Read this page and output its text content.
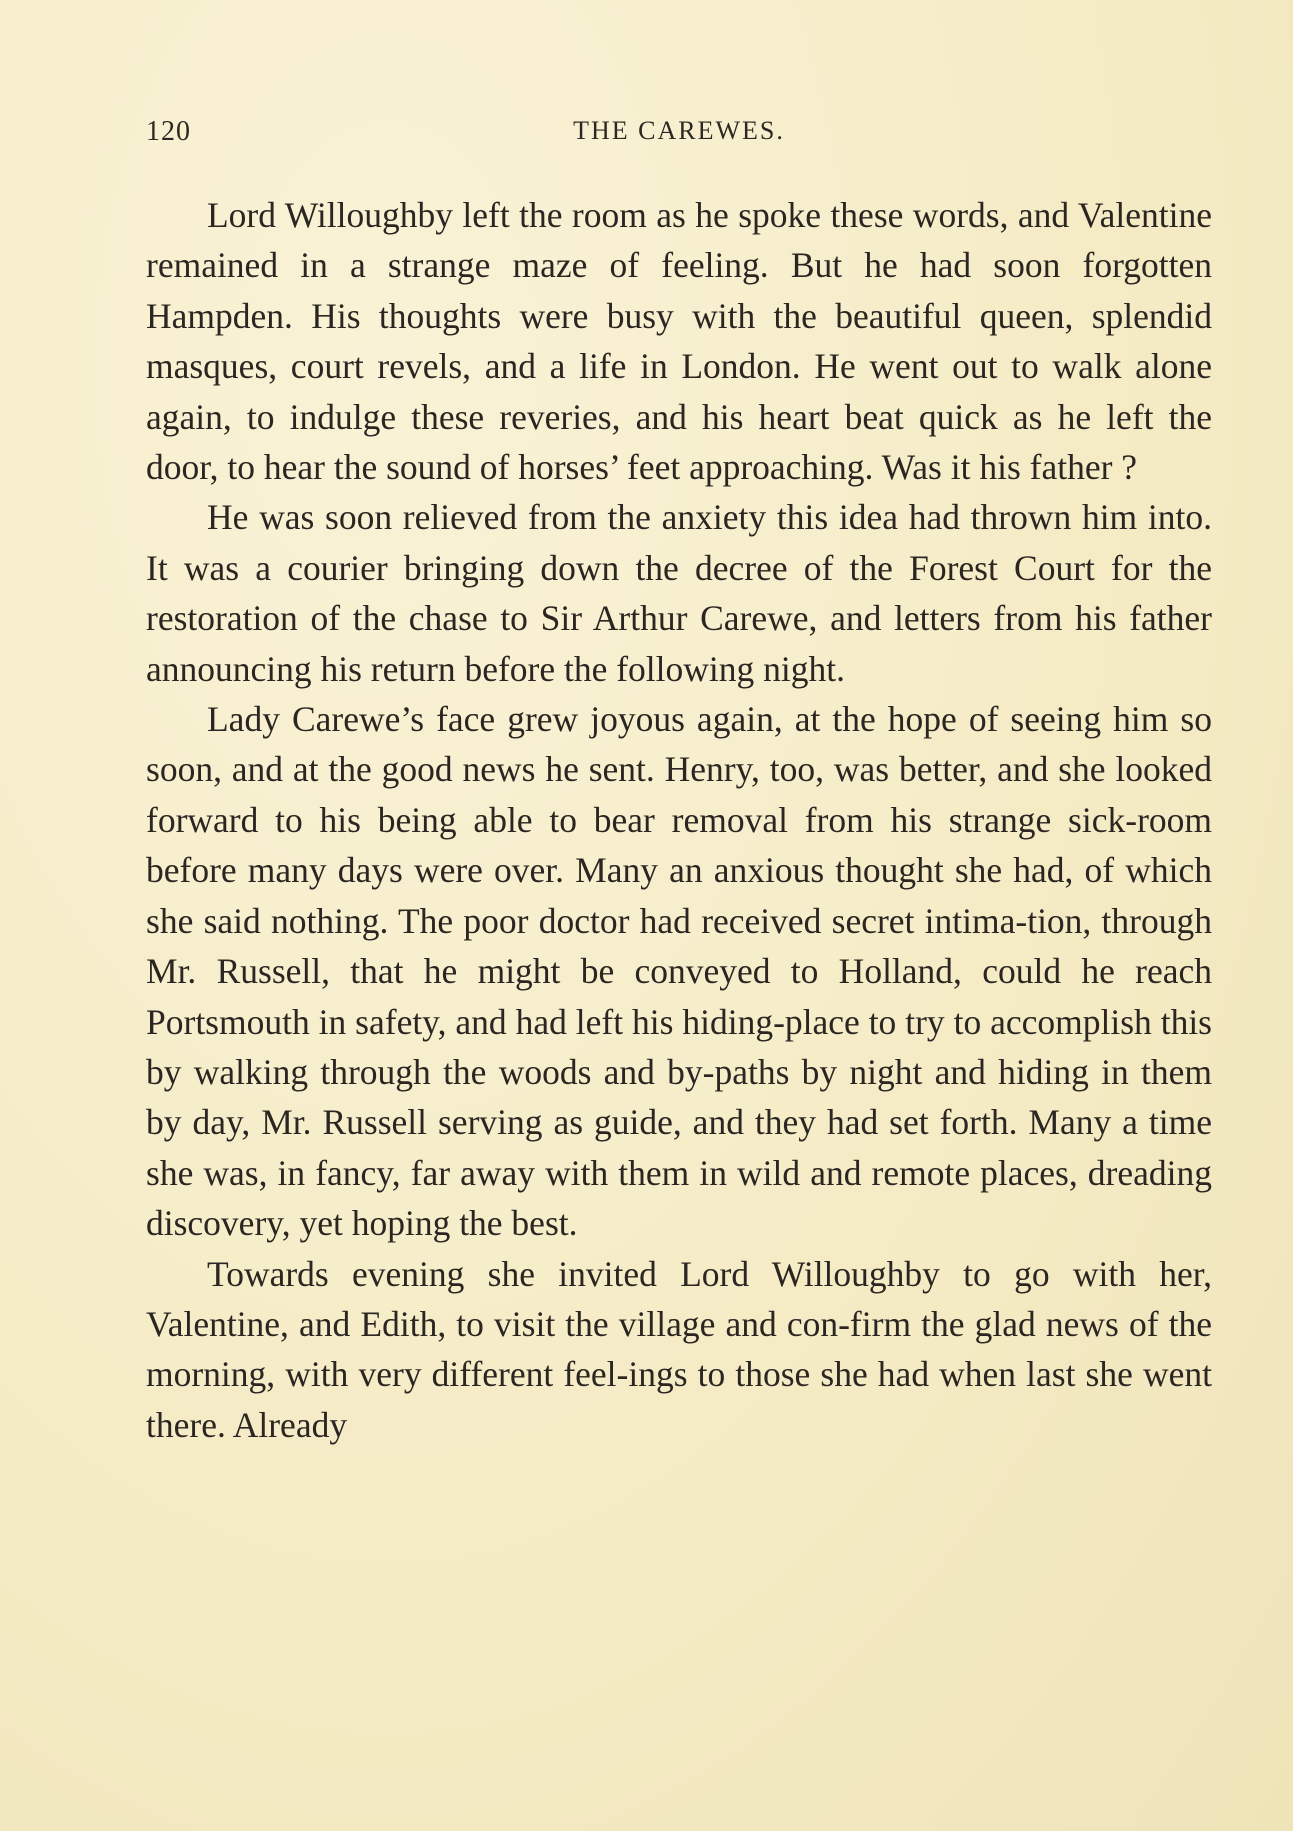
120	THE CAREWES.

Lord Willoughby left the room as he spoke these words, and Valentine remained in a strange maze of feeling. But he had soon forgotten Hampden. His thoughts were busy with the beautiful queen, splendid masques, court revels, and a life in London. He went out to walk alone again, to indulge these reveries, and his heart beat quick as he left the door, to hear the sound of horses’ feet approaching. Was it his father ?

He was soon relieved from the anxiety this idea had thrown him into. It was a courier bringing down the decree of the Forest Court for the restoration of the chase to Sir Arthur Carewe, and letters from his father announcing his return before the following night.

Lady Carewe’s face grew joyous again, at the hope of seeing him so soon, and at the good news he sent. Henry, too, was better, and she looked forward to his being able to bear removal from his strange sick-room before many days were over. Many an anxious thought she had, of which she said nothing. The poor doctor had received secret intima-tion, through Mr. Russell, that he might be conveyed to Holland, could he reach Portsmouth in safety, and had left his hiding-place to try to accomplish this by walking through the woods and by-paths by night and hiding in them by day, Mr. Russell serving as guide, and they had set forth. Many a time she was, in fancy, far away with them in wild and remote places, dreading discovery, yet hoping the best.

Towards evening she invited Lord Willoughby to go with her, Valentine, and Edith, to visit the village and con-firm the glad news of the morning, with very different feel-ings to those she had when last she went there. Already
